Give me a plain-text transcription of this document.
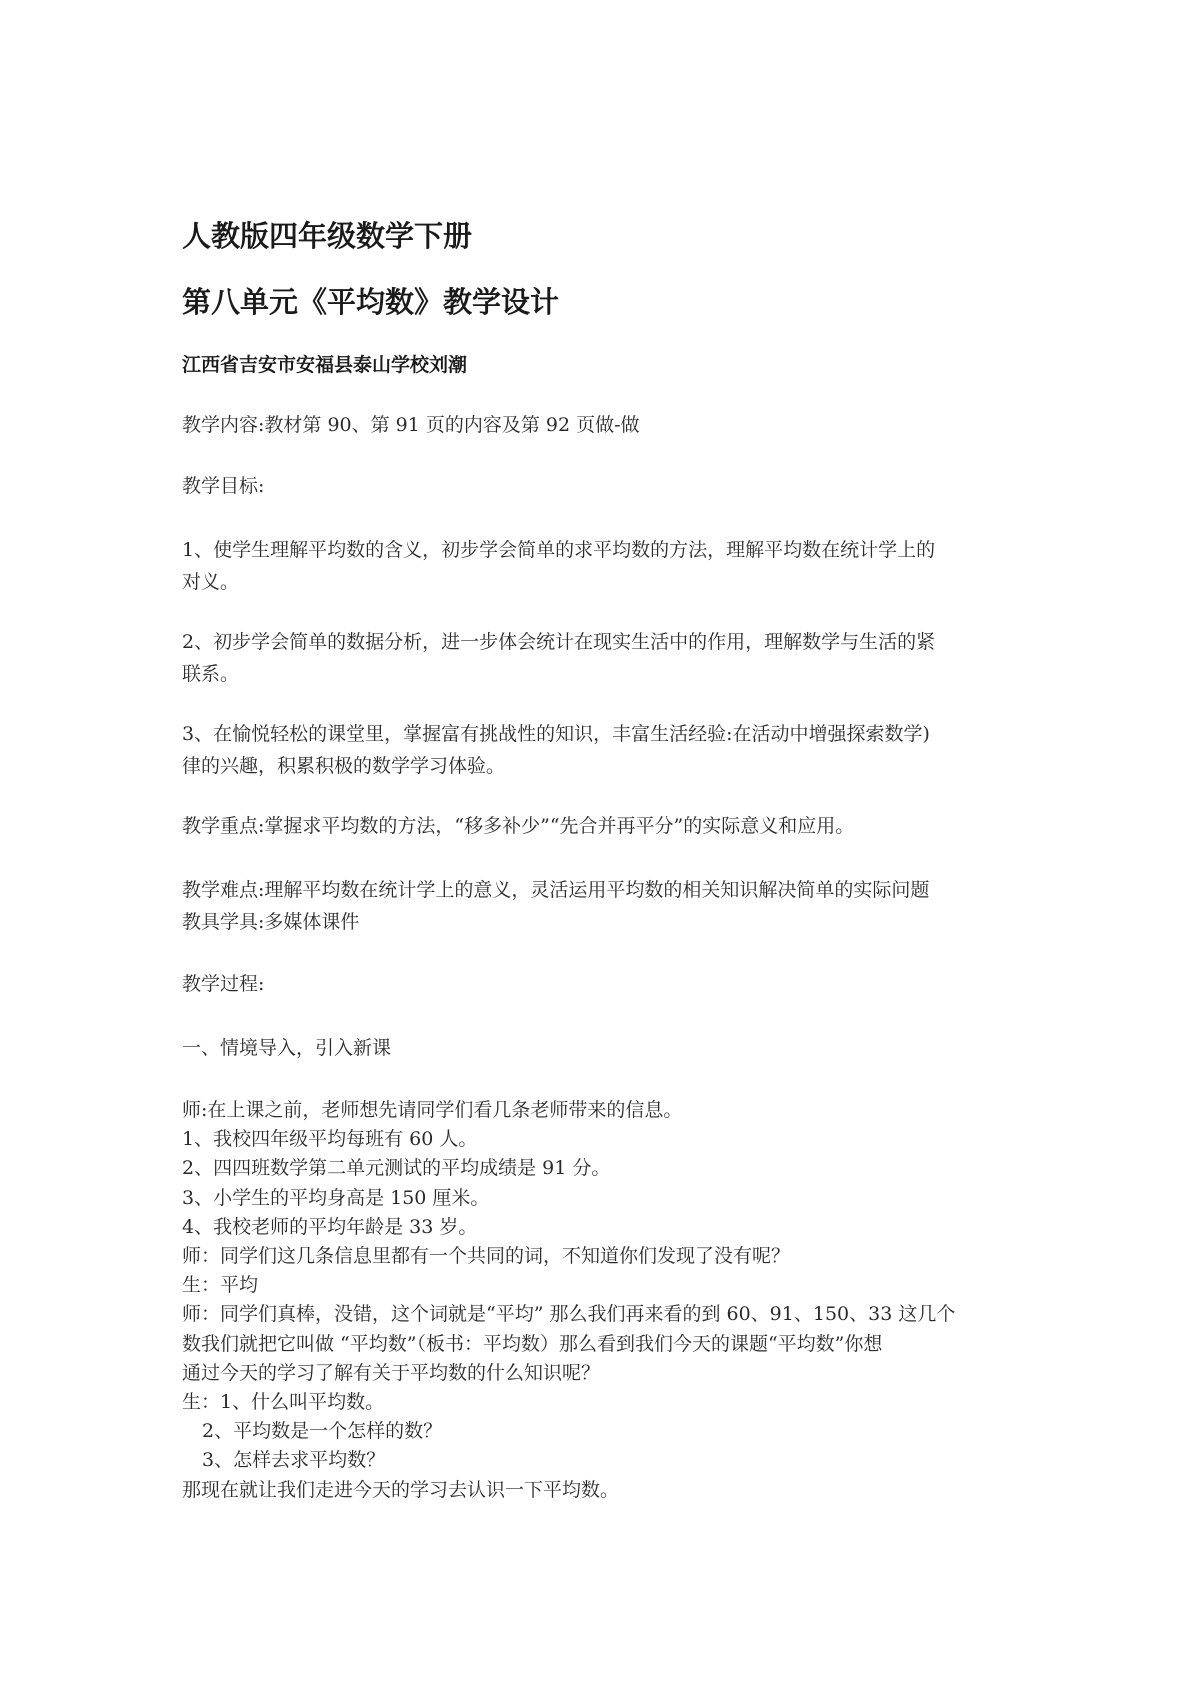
人教版四年级数学下册
第八单元《平均数》教学设计
江西省吉安市安福县泰山学校刘潮
教学内容:教材第 90、第 91 页的内容及第 92 页做-做
教学目标:
1、使学生理解平均数的含义，初步学会简单的求平均数的方法，理解平均数在统计学上的
对义。
2、初步学会简单的数据分析，进一步体会统计在现实生活中的作用，理解数学与生活的紧
联系。
3、在愉悦轻松的课堂里，掌握富有挑战性的知识，丰富生活经验:在活动中增强探索数学)
律的兴趣，积累积极的数学学习体验。
教学重点:掌握求平均数的方法，“移多补少”“先合并再平分”的实际意义和应用。
教学难点:理解平均数在统计学上的意义，灵活运用平均数的相关知识解决简单的实际问题
教具学具:多媒体课件
教学过程:
一、情境导入，引入新课
师:在上课之前，老师想先请同学们看几条老师带来的信息。
1、我校四年级平均每班有 60 人。
2、四四班数学第二单元测试的平均成绩是 91 分。
3、小学生的平均身高是 150 厘米。
4、我校老师的平均年龄是 33 岁。
师：同学们这几条信息里都有一个共同的词，不知道你们发现了没有呢？
生：平均
师：同学们真棒，没错，这个词就是“平均” 那么我们再来看的到 60、91、150、33 这几个
数我们就把它叫做 “平均数”（板书：平均数）那么看到我们今天的课题“平均数”你想
通过今天的学习了解有关于平均数的什么知识呢？
生：1、什么叫平均数。
2、平均数是一个怎样的数？
3、怎样去求平均数？
那现在就让我们走进今天的学习去认识一下平均数。
